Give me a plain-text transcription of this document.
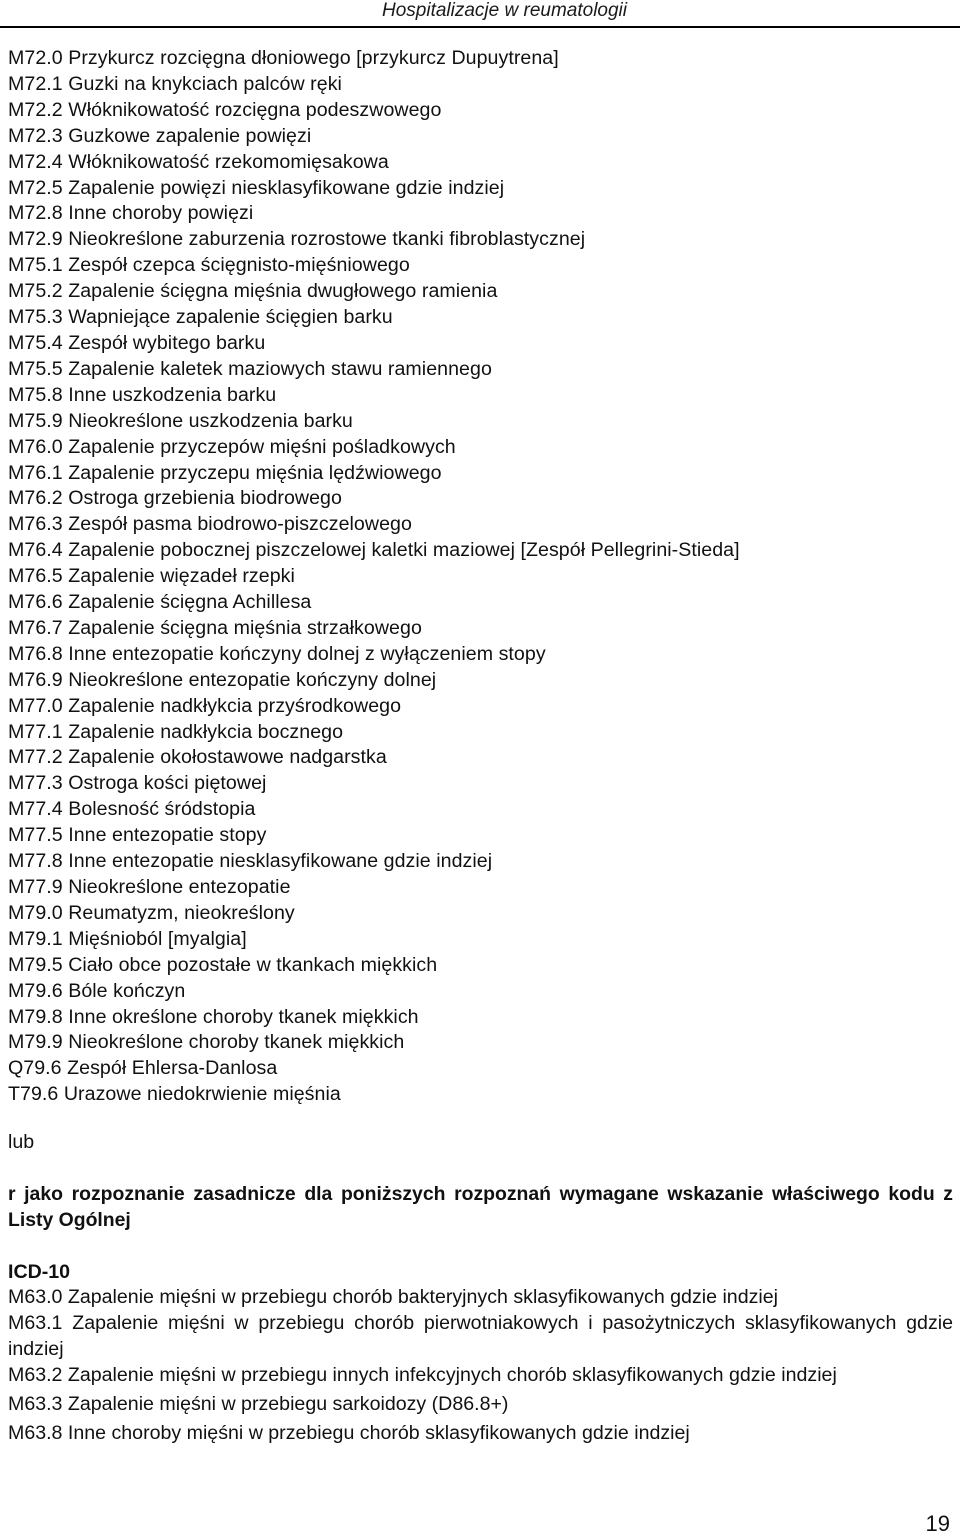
Hospitalizacje w reumatologii
M72.0 Przykurcz rozcięgna dłoniowego [przykurcz Dupuytrena]
M72.1 Guzki na knykciach palców ręki
M72.2 Włóknikowatość rozcięgna podeszwowego
M72.3 Guzkowe zapalenie powięzi
M72.4 Włóknikowatość rzekomomięsakowa
M72.5 Zapalenie powięzi niesklasyfikowane gdzie indziej
M72.8 Inne choroby powięzi
M72.9 Nieokreślone zaburzenia rozrostowe tkanki fibroblastycznej
M75.1 Zespół czepca ścięgnisto-mięśniowego
M75.2 Zapalenie ścięgna mięśnia dwugłowego ramienia
M75.3 Wapniejące zapalenie ścięgien barku
M75.4 Zespół wybitego barku
M75.5 Zapalenie kaletek maziowych stawu ramiennego
M75.8 Inne uszkodzenia barku
M75.9 Nieokreślone uszkodzenia barku
M76.0 Zapalenie przyczepów mięśni pośladkowych
M76.1 Zapalenie przyczepu mięśnia lędźwiowego
M76.2 Ostroga grzebienia biodrowego
M76.3 Zespół pasma biodrowo-piszczelowego
M76.4 Zapalenie pobocznej piszczelowej kaletki maziowej [Zespół Pellegrini-Stieda]
M76.5 Zapalenie więzadeł rzepki
M76.6 Zapalenie ścięgna Achillesa
M76.7 Zapalenie ścięgna mięśnia strzałkowego
M76.8 Inne entezopatie kończyny dolnej z wyłączeniem stopy
M76.9 Nieokreślone entezopatie kończyny dolnej
M77.0 Zapalenie nadkłykcia przyśrodkowego
M77.1 Zapalenie nadkłykcia bocznego
M77.2 Zapalenie okołostawowe nadgarstka
M77.3 Ostroga kości piętowej
M77.4 Bolesność śródstopia
M77.5 Inne entezopatie stopy
M77.8 Inne entezopatie niesklasyfikowane gdzie indziej
M77.9 Nieokreślone entezopatie
M79.0 Reumatyzm, nieokreślony
M79.1 Mięśnioból [myalgia]
M79.5 Ciało obce pozostałe w tkankach miękkich
M79.6 Bóle kończyn
M79.8 Inne określone choroby tkanek miękkich
M79.9 Nieokreślone choroby tkanek miękkich
Q79.6 Zespół Ehlersa-Danlosa
T79.6 Urazowe niedokrwienie mięśnia
lub
r jako rozpoznanie zasadnicze dla poniższych rozpoznań wymagane wskazanie właściwego kodu z Listy Ogólnej
ICD-10
M63.0 Zapalenie mięśni w przebiegu chorób bakteryjnych sklasyfikowanych gdzie indziej
M63.1 Zapalenie mięśni w przebiegu chorób pierwotniakowych i pasożytniczych sklasyfikowanych gdzie indziej
M63.2 Zapalenie mięśni w przebiegu innych infekcyjnych chorób sklasyfikowanych gdzie indziej
M63.3 Zapalenie mięśni w przebiegu sarkoidozy (D86.8+)
M63.8 Inne choroby mięśni w przebiegu chorób sklasyfikowanych gdzie indziej
19
